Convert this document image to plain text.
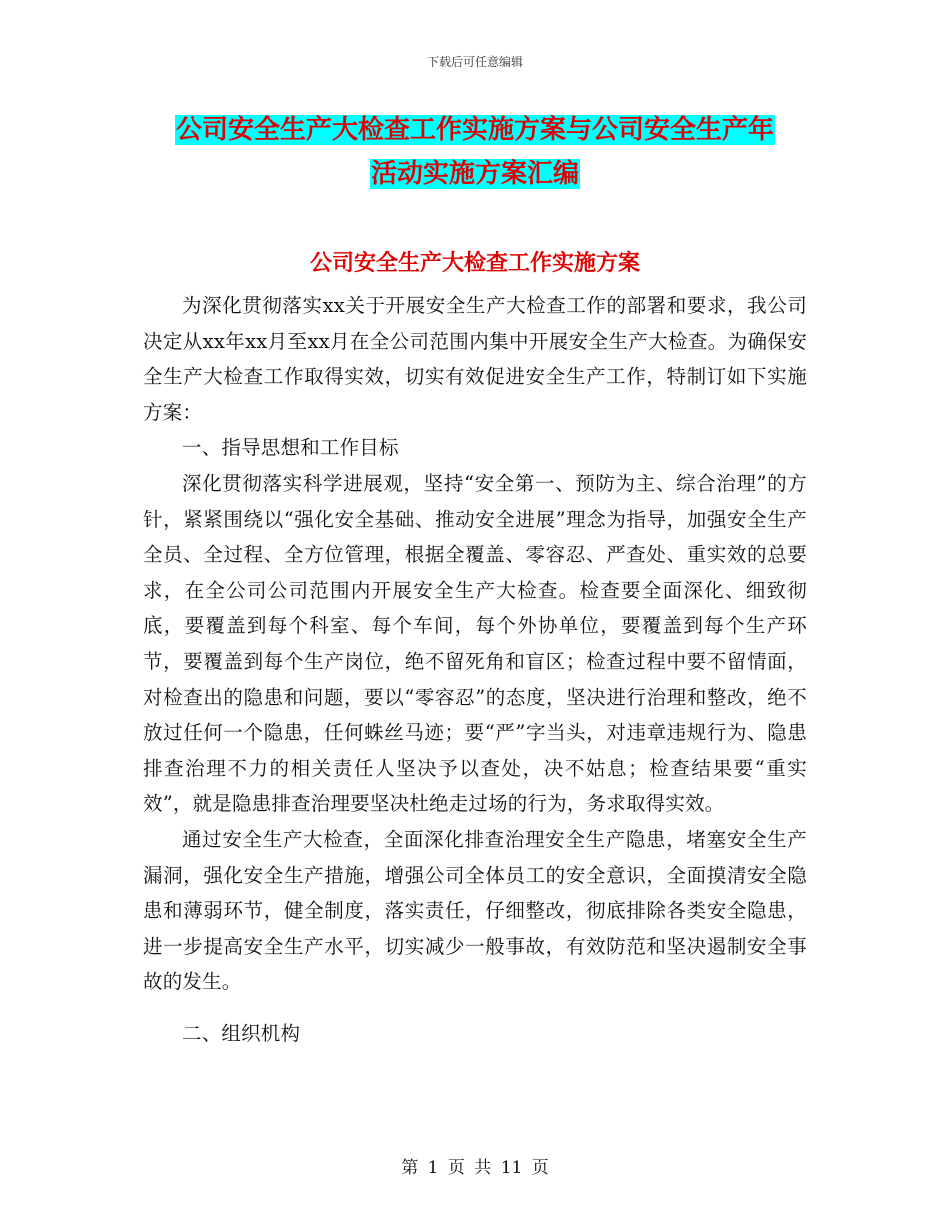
下载后可任意编辑
公司安全生产大检查工作实施方案与公司安全生产年
活动实施方案汇编
公司安全生产大检查工作实施方案

为深化贯彻落实xx关于开展安全生产大检查工作的部署和要求，我公司决定从xx年xx月至xx月在全公司范围内集中开展安全生产大检查。为确保安全生产大检查工作取得实效，切实有效促进安全生产工作，特制订如下实施方案：

一、指导思想和工作目标

深化贯彻落实科学进展观，坚持“安全第一、预防为主、综合治理”的方针，紧紧围绕以“强化安全基础、推动安全进展”理念为指导，加强安全生产全员、全过程、全方位管理，根据全覆盖、零容忍、严查处、重实效的总要求，在全公司公司范围内开展安全生产大检查。检查要全面深化、细致彻底，要覆盖到每个科室、每个车间，每个外协单位，要覆盖到每个生产环节，要覆盖到每个生产岗位，绝不留死角和盲区；检查过程中要不留情面，对检查出的隐患和问题，要以“零容忍”的态度，坚决进行治理和整改，绝不放过任何一个隐患，任何蛛丝马迹；要“严”字当头，对违章违规行为、隐患排查治理不力的相关责任人坚决予以查处，决不姑息；检查结果要“重实效”，就是隐患排查治理要坚决杜绝走过场的行为，务求取得实效。

通过安全生产大检查，全面深化排查治理安全生产隐患，堵塞安全生产漏洞，强化安全生产措施，增强公司全体员工的安全意识，全面摸清安全隐患和薄弱环节，健全制度，落实责任，仔细整改，彻底排除各类安全隐患，进一步提高安全生产水平，切实减少一般事故，有效防范和坚决遏制安全事故的发生。

二、组织机构

第 1 页 共 11 页
